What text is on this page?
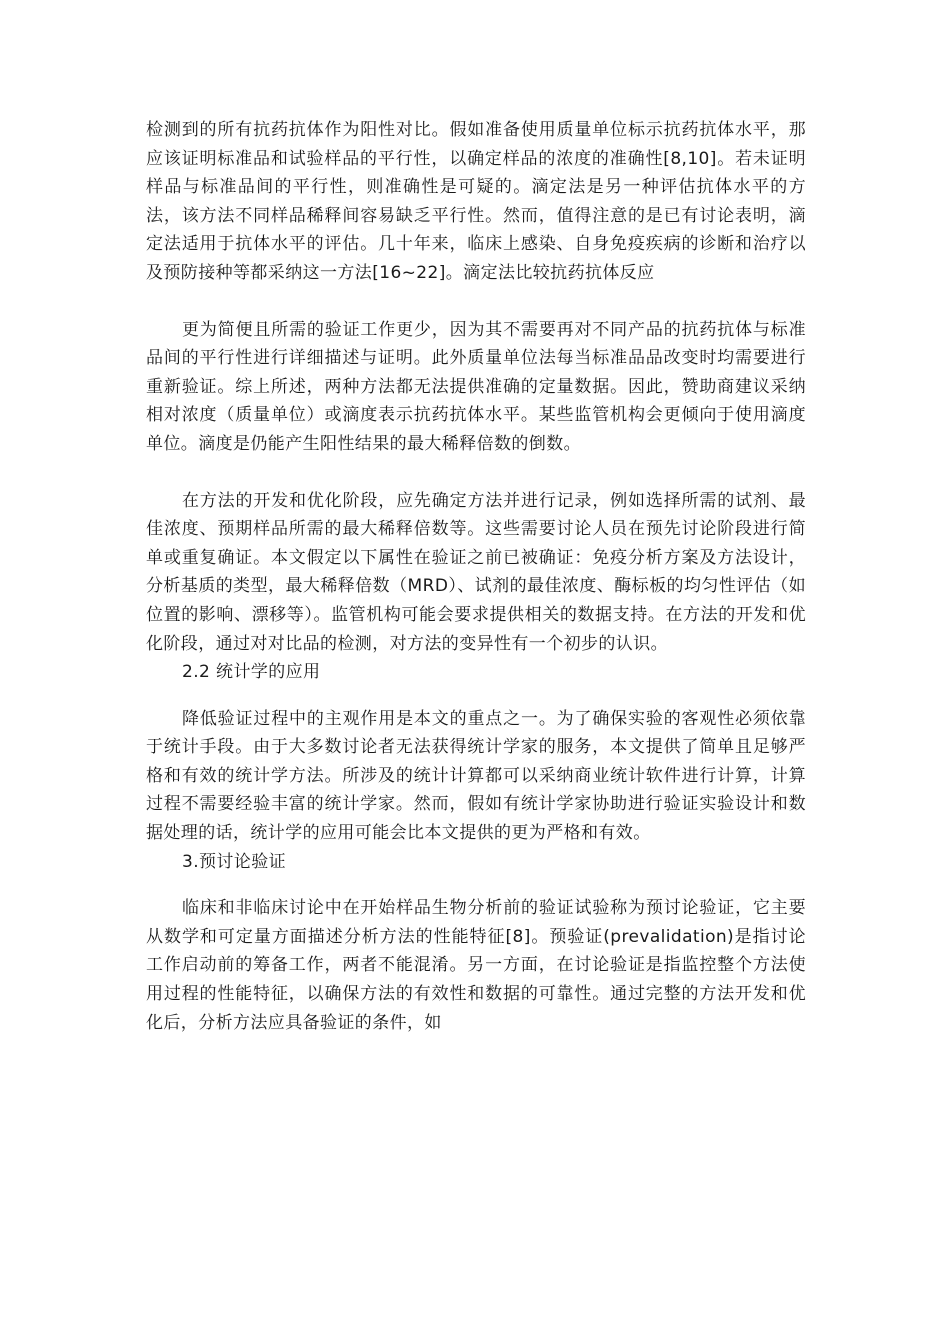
检测到的所有抗药抗体作为阳性对比。假如准备使用质量单位标示抗药抗体水平，那应该证明标准品和试验样品的平行性，以确定样品的浓度的准确性[8,10]。若未证明样品与标准品间的平行性，则准确性是可疑的。滴定法是另一种评估抗体水平的方法，该方法不同样品稀释间容易缺乏平行性。然而，值得注意的是已有讨论表明，滴定法适用于抗体水平的评估。几十年来，临床上感染、自身免疫疾病的诊断和治疗以及预防接种等都采纳这一方法[16~22]。滴定法比较抗药抗体反应

更为简便且所需的验证工作更少，因为其不需要再对不同产品的抗药抗体与标准品间的平行性进行详细描述与证明。此外质量单位法每当标准品品改变时均需要进行重新验证。综上所述，两种方法都无法提供准确的定量数据。因此，赞助商建议采纳相对浓度（质量单位）或滴度表示抗药抗体水平。某些监管机构会更倾向于使用滴度单位。滴度是仍能产生阳性结果的最大稀释倍数的倒数。

在方法的开发和优化阶段，应先确定方法并进行记录，例如选择所需的试剂、最佳浓度、预期样品所需的最大稀释倍数等。这些需要讨论人员在预先讨论阶段进行简单或重复确证。本文假定以下属性在验证之前已被确证：免疫分析方案及方法设计，分析基质的类型，最大稀释倍数（MRD）、试剂的最佳浓度、酶标板的均匀性评估（如位置的影响、漂移等）。监管机构可能会要求提供相关的数据支持。在方法的开发和优化阶段，通过对对比品的检测，对方法的变异性有一个初步的认识。

2.2 统计学的应用

降低验证过程中的主观作用是本文的重点之一。为了确保实验的客观性必须依靠于统计手段。由于大多数讨论者无法获得统计学家的服务，本文提供了简单且足够严格和有效的统计学方法。所涉及的统计计算都可以采纳商业统计软件进行计算，计算过程不需要经验丰富的统计学家。然而，假如有统计学家协助进行验证实验设计和数据处理的话，统计学的应用可能会比本文提供的更为严格和有效。

3.预讨论验证

临床和非临床讨论中在开始样品生物分析前的验证试验称为预讨论验证，它主要从数学和可定量方面描述分析方法的性能特征[8]。预验证(prevalidation)是指讨论工作启动前的筹备工作，两者不能混淆。另一方面，在讨论验证是指监控整个方法使用过程的性能特征，以确保方法的有效性和数据的可靠性。通过完整的方法开发和优化后，分析方法应具备验证的条件，如
